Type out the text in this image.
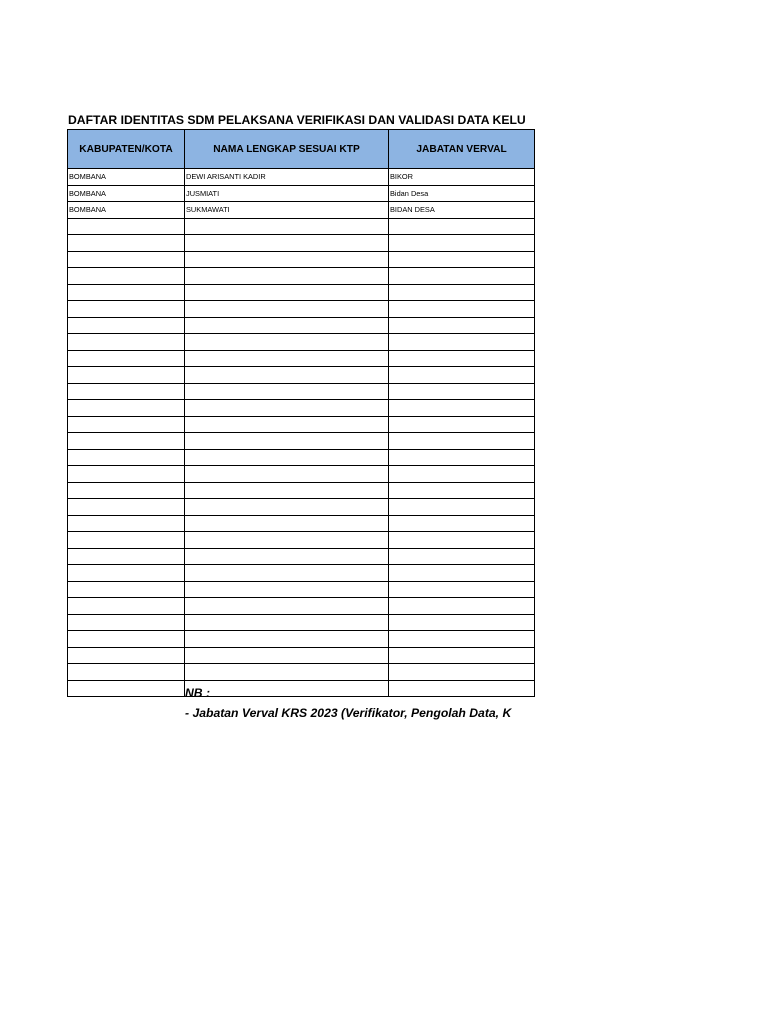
DAFTAR IDENTITAS SDM PELAKSANA VERIFIKASI DAN VALIDASI DATA KELU
KABUPATEN/KOTA	NAMA LENGKAP SESUAI KTP	JABATAN VERVAL
BOMBANA	DEWI ARISANTI KADIR	BIKOR
BOMBANA	JUSMIATI	Bidan Desa
BOMBANA	SUKMAWATI	BIDAN DESA

NB :
- Jabatan Verval KRS 2023 (Verifikator, Pengolah Data, K
